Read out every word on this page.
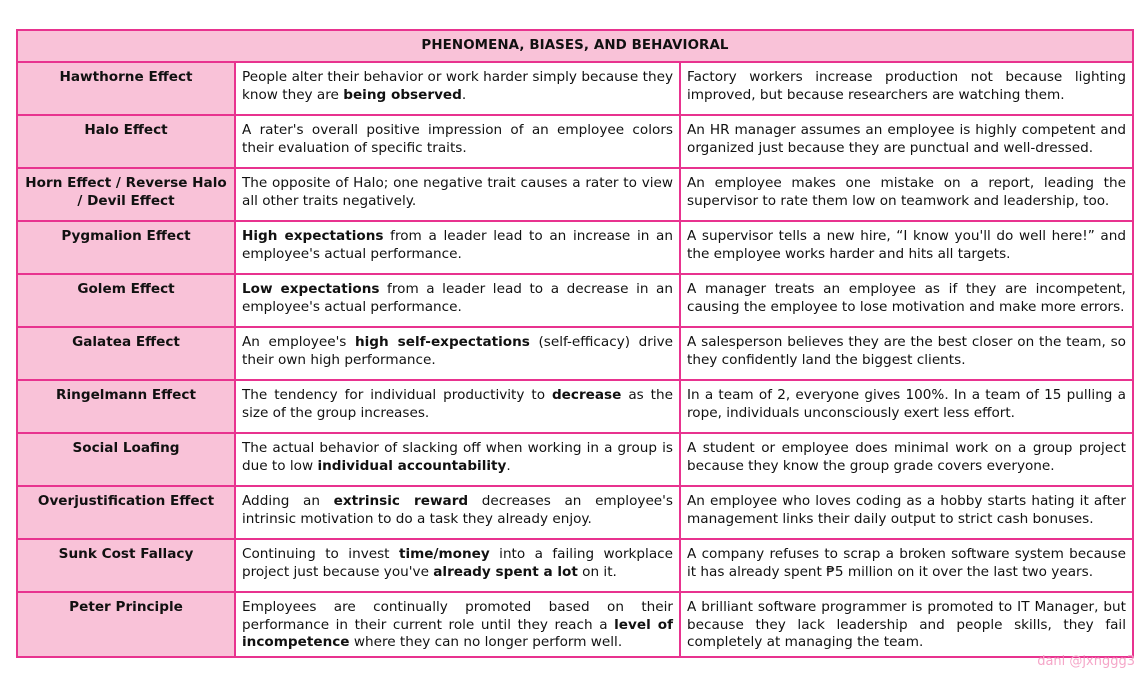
PHENOMENA, BIASES, AND BEHAVIORAL		
Hawthorne Effect	People alter their behavior or work harder simply because they know they are being observed.	Factory workers increase production not because lighting improved, but because researchers are watching them.
Halo Effect	A rater's overall positive impression of an employee colors their evaluation of specific traits.	An HR manager assumes an employee is highly competent and organized just because they are punctual and well-dressed.
Horn Effect / Reverse Halo / Devil Effect	The opposite of Halo; one negative trait causes a rater to view all other traits negatively.	An employee makes one mistake on a report, leading the supervisor to rate them low on teamwork and leadership, too.
Pygmalion Effect	High expectations from a leader lead to an increase in an employee's actual performance.	A supervisor tells a new hire, “I know you'll do well here!” and the employee works harder and hits all targets.
Golem Effect	Low expectations from a leader lead to a decrease in an employee's actual performance.	A manager treats an employee as if they are incompetent, causing the employee to lose motivation and make more errors.
Galatea Effect	An employee's high self-expectations (self-efficacy) drive their own high performance.	A salesperson believes they are the best closer on the team, so they confidently land the biggest clients.
Ringelmann Effect	The tendency for individual productivity to decrease as the size of the group increases.	In a team of 2, everyone gives 100%. In a team of 15 pulling a rope, individuals unconsciously exert less effort.
Social Loafing	The actual behavior of slacking off when working in a group is due to low individual accountability.	A student or employee does minimal work on a group project because they know the group grade covers everyone.
Overjustification Effect	Adding an extrinsic reward decreases an employee's intrinsic motivation to do a task they already enjoy.	An employee who loves coding as a hobby starts hating it after management links their daily output to strict cash bonuses.
Sunk Cost Fallacy	Continuing to invest time/money into a failing workplace project just because you've already spent a lot on it.	A company refuses to scrap a broken software system because it has already spent ₱5 million on it over the last two years.
Peter Principle	Employees are continually promoted based on their performance in their current role until they reach a level of incompetence where they can no longer perform well.	A brilliant software programmer is promoted to IT Manager, but because they lack leadership and people skills, they fail completely at managing the team.
dani @jxnggg3
